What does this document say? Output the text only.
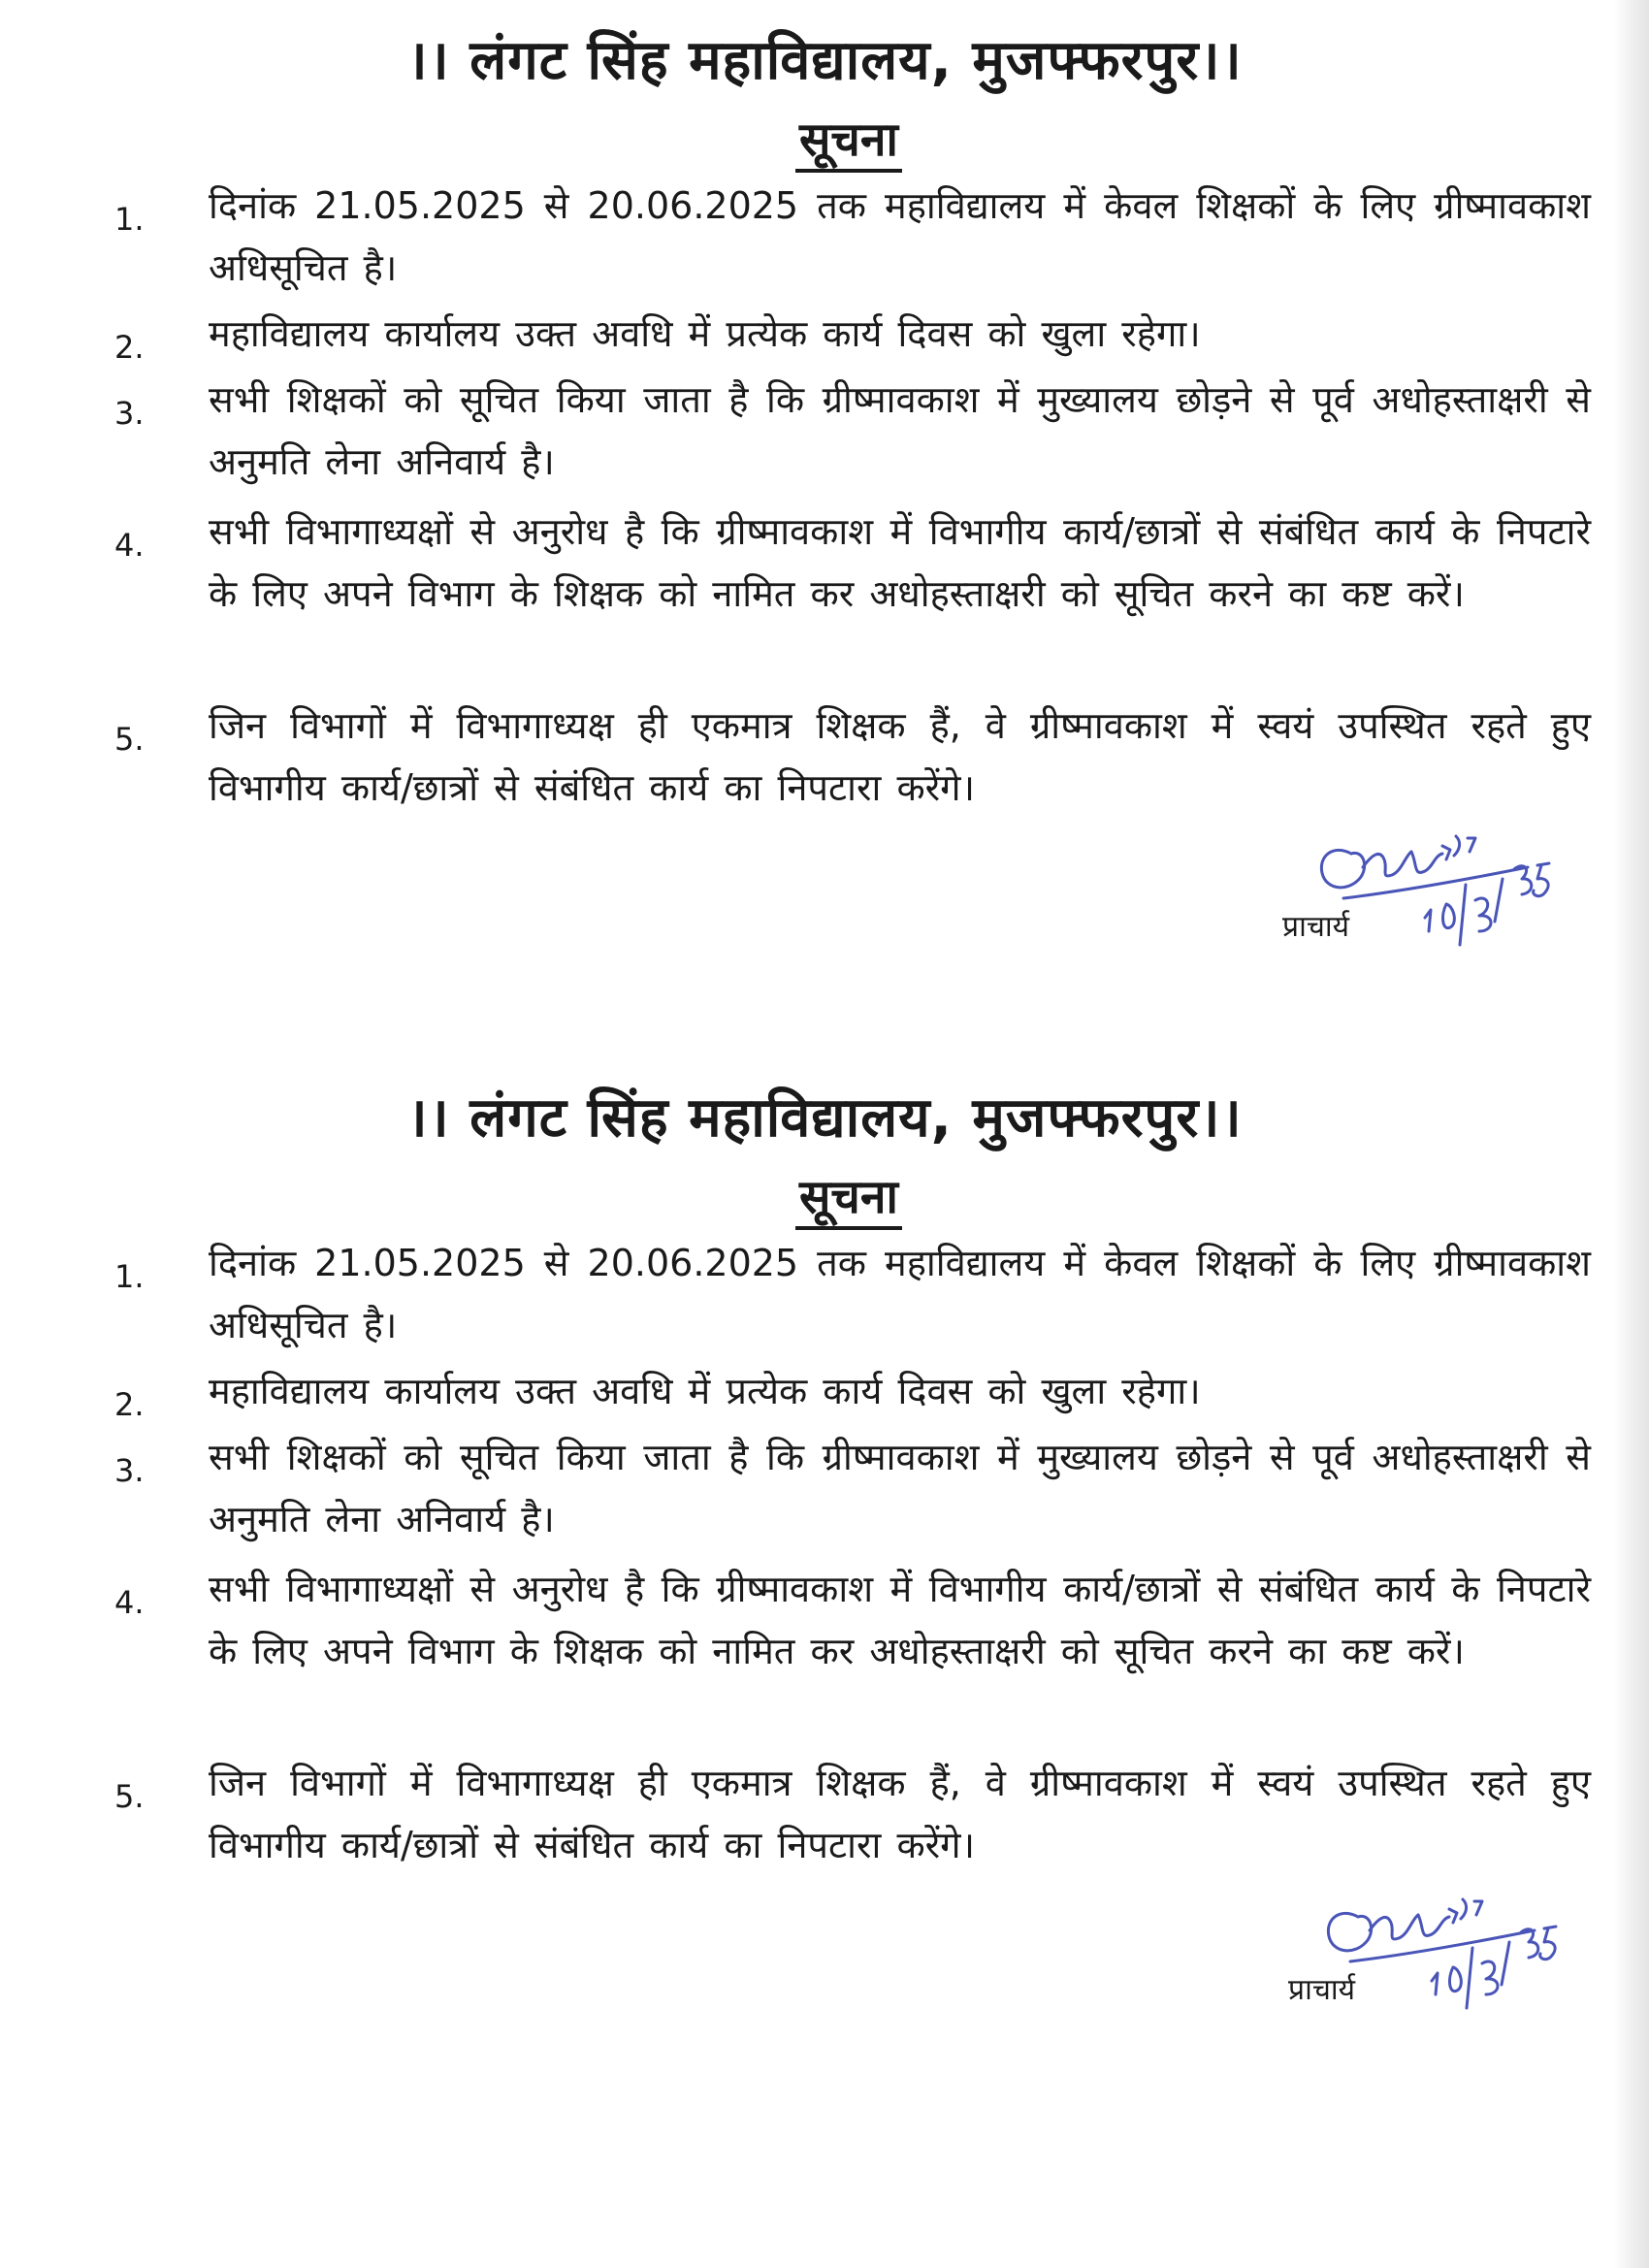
।। लंगट सिंह महाविद्यालय, मुजफ्फरपुर।।
सूचना
1. दिनांक 21.05.2025 से 20.06.2025 तक महाविद्यालय में केवल शिक्षकों के लिए ग्रीष्मावकाश अधिसूचित है।
2. महाविद्यालय कार्यालय उक्त अवधि में प्रत्येक कार्य दिवस को खुला रहेगा।
3. सभी शिक्षकों को सूचित किया जाता है कि ग्रीष्मावकाश में मुख्यालय छोड़ने से पूर्व अधोहस्ताक्षरी से अनुमति लेना अनिवार्य है।
4. सभी विभागाध्यक्षों से अनुरोध है कि ग्रीष्मावकाश में विभागीय कार्य/छात्रों से संबंधित कार्य के निपटारे के लिए अपने विभाग के शिक्षक को नामित कर अधोहस्ताक्षरी को सूचित करने का कष्ट करें।
5. जिन विभागों में विभागाध्यक्ष ही एकमात्र शिक्षक हैं, वे ग्रीष्मावकाश में स्वयं उपस्थित रहते हुए विभागीय कार्य/छात्रों से संबंधित कार्य का निपटारा करेंगे।
प्राचार्य
।। लंगट सिंह महाविद्यालय, मुजफ्फरपुर।।
सूचना
1. दिनांक 21.05.2025 से 20.06.2025 तक महाविद्यालय में केवल शिक्षकों के लिए ग्रीष्मावकाश अधिसूचित है।
2. महाविद्यालय कार्यालय उक्त अवधि में प्रत्येक कार्य दिवस को खुला रहेगा।
3. सभी शिक्षकों को सूचित किया जाता है कि ग्रीष्मावकाश में मुख्यालय छोड़ने से पूर्व अधोहस्ताक्षरी से अनुमति लेना अनिवार्य है।
4. सभी विभागाध्यक्षों से अनुरोध है कि ग्रीष्मावकाश में विभागीय कार्य/छात्रों से संबंधित कार्य के निपटारे के लिए अपने विभाग के शिक्षक को नामित कर अधोहस्ताक्षरी को सूचित करने का कष्ट करें।
5. जिन विभागों में विभागाध्यक्ष ही एकमात्र शिक्षक हैं, वे ग्रीष्मावकाश में स्वयं उपस्थित रहते हुए विभागीय कार्य/छात्रों से संबंधित कार्य का निपटारा करेंगे।
प्राचार्य
